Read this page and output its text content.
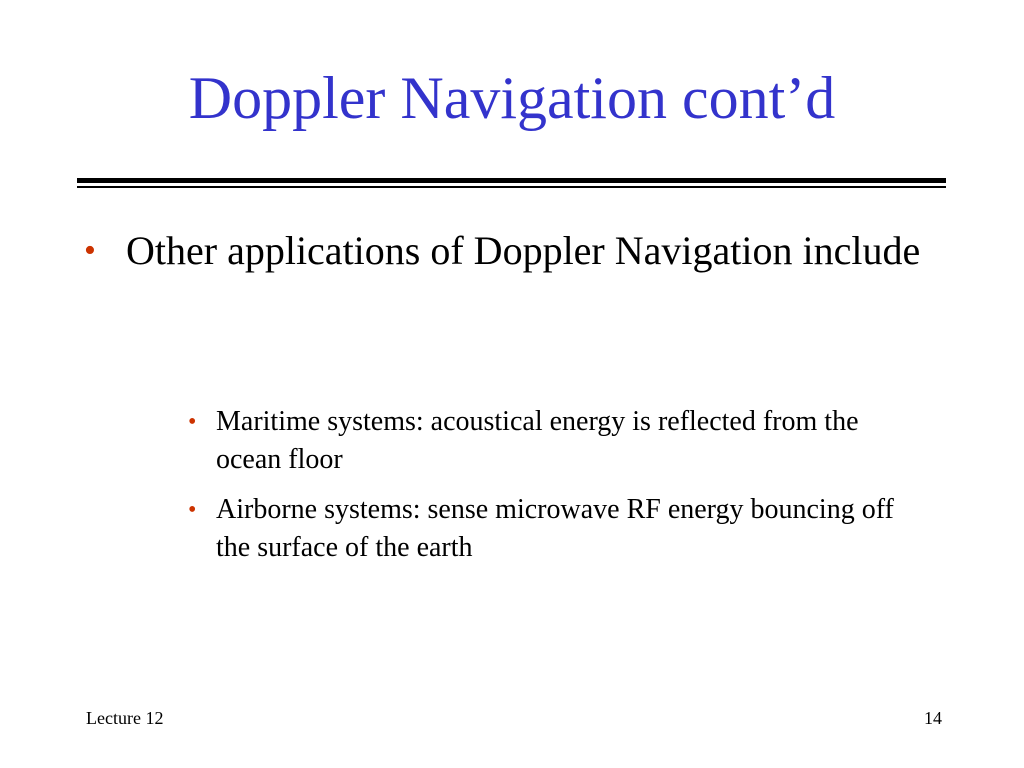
Doppler Navigation cont’d
• Other applications of Doppler Navigation include
• Maritime systems: acoustical energy is reflected from the ocean floor
• Airborne systems: sense microwave RF energy bouncing off the surface of the earth
Lecture 12	14
